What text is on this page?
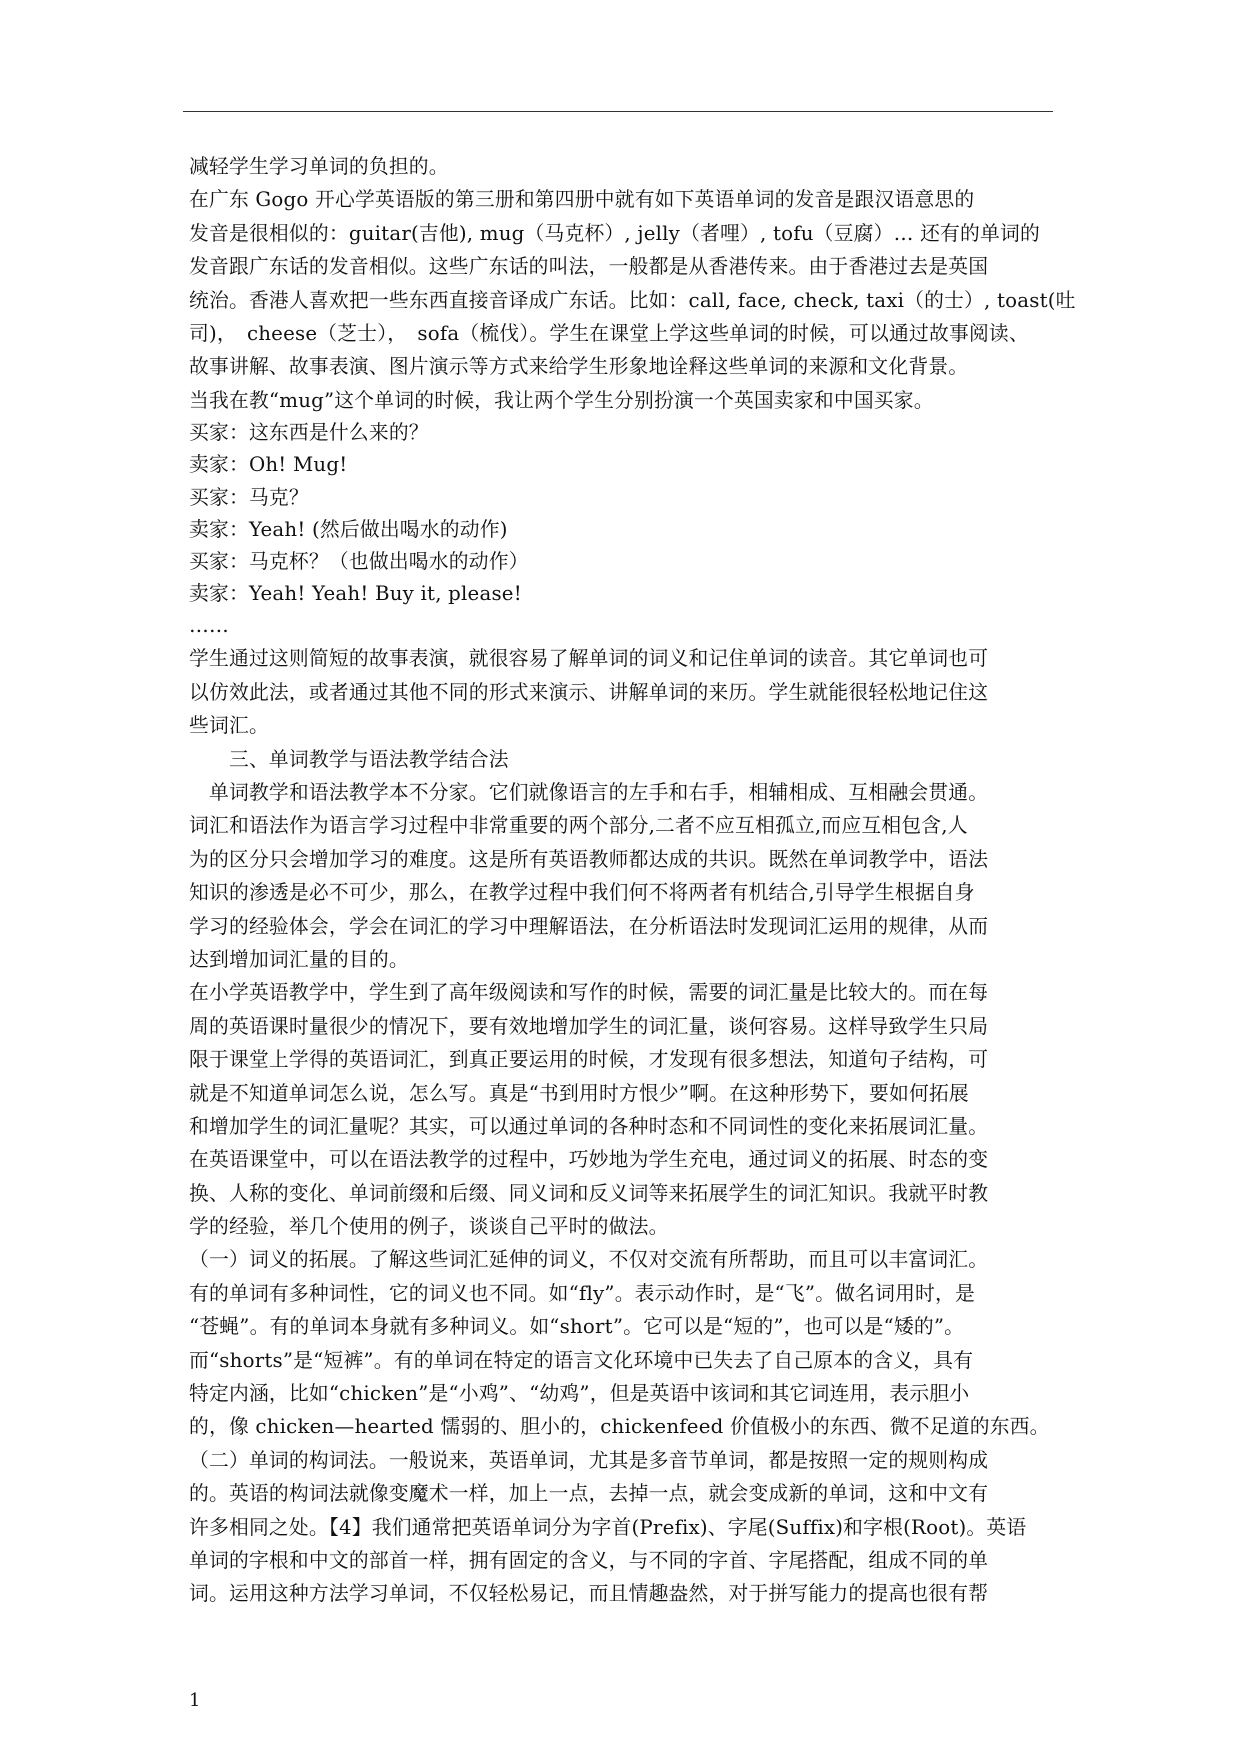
减轻学生学习单词的负担的。
在广东 Gogo 开心学英语版的第三册和第四册中就有如下英语单词的发音是跟汉语意思的
发音是很相似的：guitar(吉他), mug（马克杯）, jelly（者哩）, tofu（豆腐）… 还有的单词的
发音跟广东话的发音相似。这些广东话的叫法，一般都是从香港传来。由于香港过去是英国
统治。香港人喜欢把一些东西直接音译成广东话。比如：call, face, check, taxi（的士）, toast(吐
司)，　cheese（芝士），　sofa（梳伐）。学生在课堂上学这些单词的时候，可以通过故事阅读、
故事讲解、故事表演、图片演示等方式来给学生形象地诠释这些单词的来源和文化背景。
当我在教“mug”这个单词的时候，我让两个学生分别扮演一个英国卖家和中国买家。
买家：这东西是什么来的？
卖家：Oh! Mug!
买家：马克？
卖家：Yeah! (然后做出喝水的动作)
买家：马克杯？（也做出喝水的动作）
卖家：Yeah! Yeah! Buy it, please!
……
学生通过这则简短的故事表演，就很容易了解单词的词义和记住单词的读音。其它单词也可
以仿效此法，或者通过其他不同的形式来演示、讲解单词的来历。学生就能很轻松地记住这
些词汇。
　　三、单词教学与语法教学结合法
　单词教学和语法教学本不分家。它们就像语言的左手和右手，相辅相成、互相融会贯通。
词汇和语法作为语言学习过程中非常重要的两个部分,二者不应互相孤立,而应互相包含,人
为的区分只会增加学习的难度。这是所有英语教师都达成的共识。既然在单词教学中，语法
知识的渗透是必不可少，那么，在教学过程中我们何不将两者有机结合,引导学生根据自身
学习的经验体会，学会在词汇的学习中理解语法，在分析语法时发现词汇运用的规律，从而
达到增加词汇量的目的。
在小学英语教学中，学生到了高年级阅读和写作的时候，需要的词汇量是比较大的。而在每
周的英语课时量很少的情况下，要有效地增加学生的词汇量，谈何容易。这样导致学生只局
限于课堂上学得的英语词汇，到真正要运用的时候，才发现有很多想法，知道句子结构，可
就是不知道单词怎么说，怎么写。真是“书到用时方恨少”啊。在这种形势下，要如何拓展
和增加学生的词汇量呢？其实，可以通过单词的各种时态和不同词性的变化来拓展词汇量。
在英语课堂中，可以在语法教学的过程中，巧妙地为学生充电，通过词义的拓展、时态的变
换、人称的变化、单词前缀和后缀、同义词和反义词等来拓展学生的词汇知识。我就平时教
学的经验，举几个使用的例子，谈谈自己平时的做法。
（一）词义的拓展。了解这些词汇延伸的词义，不仅对交流有所帮助，而且可以丰富词汇。
有的单词有多种词性，它的词义也不同。如“fly”。表示动作时，是“飞”。做名词用时，是
“苍蝇”。有的单词本身就有多种词义。如“short”。它可以是“短的”，也可以是“矮的”。
而“shorts”是“短裤”。有的单词在特定的语言文化环境中已失去了自己原本的含义，具有
特定内涵，比如“chicken”是“小鸡”、“幼鸡”，但是英语中该词和其它词连用，表示胆小
的，像 chicken—hearted 懦弱的、胆小的，chickenfeed 价值极小的东西、微不足道的东西。
（二）单词的构词法。一般说来，英语单词，尤其是多音节单词，都是按照一定的规则构成
的。英语的构词法就像变魔术一样，加上一点，去掉一点，就会变成新的单词，这和中文有
许多相同之处。【4】我们通常把英语单词分为字首(Prefix)、字尾(Suffix)和字根(Root)。英语
单词的字根和中文的部首一样，拥有固定的含义，与不同的字首、字尾搭配，组成不同的单
词。运用这种方法学习单词，不仅轻松易记，而且情趣盎然，对于拼写能力的提高也很有帮
1
